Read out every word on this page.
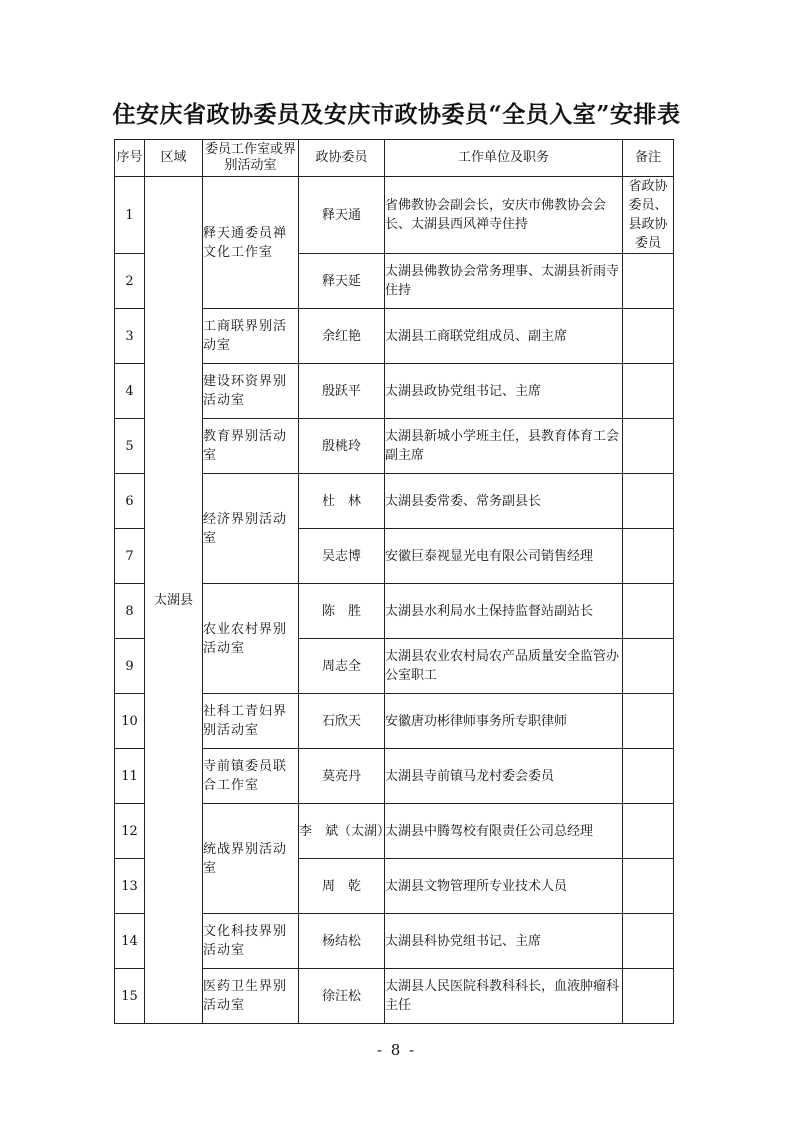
住安庆省政协委员及安庆市政协委员“全员入室”安排表
序号	区域	委员工作室或界别活动室	政协委员	工作单位及职务	备注
1	太湖县	释天通委员禅文化工作室	释天通	省佛教协会副会长，安庆市佛教协会会长、太湖县西风禅寺住持	省政协委员、县政协委员
2			释天延	太湖县佛教协会常务理事、太湖县祈雨寺住持	
3		工商联界别活动室	余红艳	太湖县工商联党组成员、副主席	
4		建设环资界别活动室	殷跃平	太湖县政协党组书记、主席	
5		教育界别活动室	殷桃玲	太湖县新城小学班主任，县教育体育工会副主席	
6		经济界别活动室	杜　林	太湖县委常委、常务副县长	
7			吴志博	安徽巨泰视显光电有限公司销售经理	
8		农业农村界别活动室	陈　胜	太湖县水利局水土保持监督站副站长	
9			周志全	太湖县农业农村局农产品质量安全监管办公室职工	
10		社科工青妇界别活动室	石欣天	安徽唐功彬律师事务所专职律师	
11		寺前镇委员联合工作室	莫亮丹	太湖县寺前镇马龙村委会委员	
12		统战界别活动室	李　斌（太湖）	太湖县中腾驾校有限责任公司总经理	
13			周　乾	太湖县文物管理所专业技术人员	
14		文化科技界别活动室	杨结松	太湖县科协党组书记、主席	
15		医药卫生界别活动室	徐汪松	太湖县人民医院科教科科长，血液肿瘤科主任	
- 8 -
